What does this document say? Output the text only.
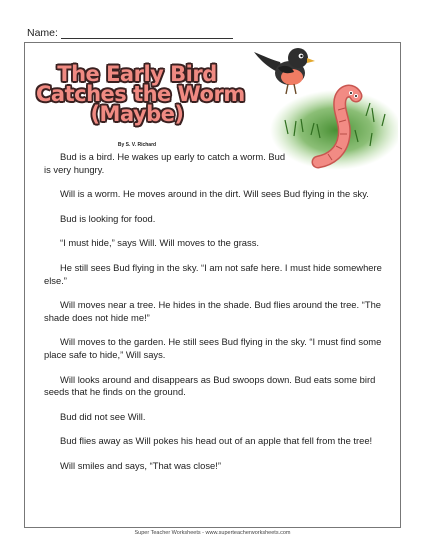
Name:
The Early Bird
Catches the Worm
(Maybe)
By S. V. Richard

Bud is a bird. He wakes up early to catch a worm. Bud is very hungry.

Will is a worm. He moves around in the dirt. Will sees Bud flying in the sky.

Bud is looking for food.

“I must hide,” says Will. Will moves to the grass.

He still sees Bud flying in the sky. “I am not safe here. I must hide somewhere else.”

Will moves near a tree. He hides in the shade. Bud flies around the tree. “The shade does not hide me!”

Will moves to the garden. He still sees Bud flying in the sky. “I must find some place safe to hide,” Will says.

Will looks around and disappears as Bud swoops down. Bud eats some bird seeds that he finds on the ground.

Bud did not see Will.

Bud flies away as Will pokes his head out of an apple that fell from the tree!

Will smiles and says, “That was close!”

Super Teacher Worksheets - www.superteacherworksheets.com
